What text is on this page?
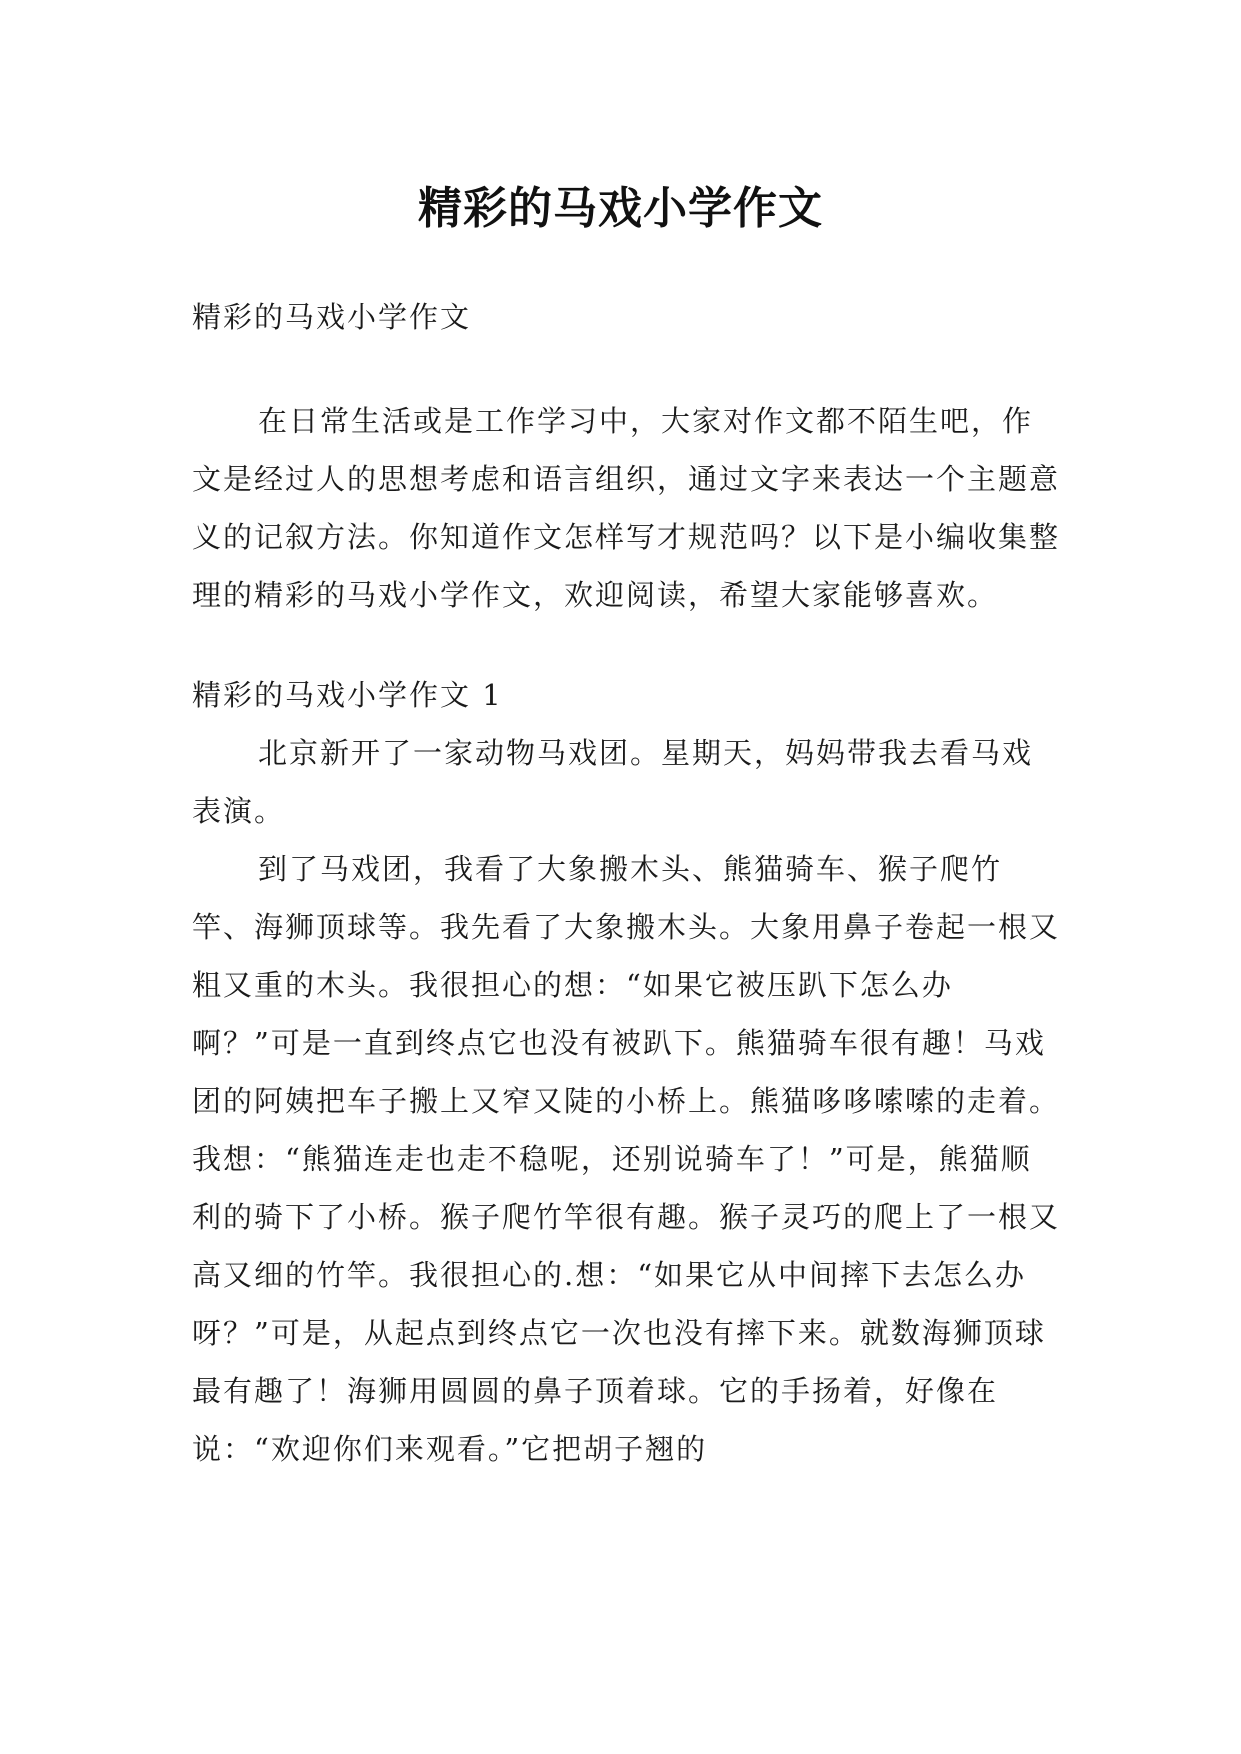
精彩的马戏小学作文

精彩的马戏小学作文

在日常生活或是工作学习中，大家对作文都不陌生吧，作文是经过人的思想考虑和语言组织，通过文字来表达一个主题意义的记叙方法。你知道作文怎样写才规范吗？以下是小编收集整理的精彩的马戏小学作文，欢迎阅读，希望大家能够喜欢。

精彩的马戏小学作文 1

北京新开了一家动物马戏团。星期天，妈妈带我去看马戏表演。

到了马戏团，我看了大象搬木头、熊猫骑车、猴子爬竹竿、海狮顶球等。我先看了大象搬木头。大象用鼻子卷起一根又粗又重的木头。我很担心的想：“如果它被压趴下怎么办啊？”可是一直到终点它也没有被趴下。熊猫骑车很有趣！马戏团的阿姨把车子搬上又窄又陡的小桥上。熊猫哆哆嗦嗦的走着。我想：“熊猫连走也走不稳呢，还别说骑车了！”可是，熊猫顺利的骑下了小桥。猴子爬竹竿很有趣。猴子灵巧的爬上了一根又高又细的竹竿。我很担心的.想：“如果它从中间摔下去怎么办呀？”可是，从起点到终点它一次也没有摔下来。就数海狮顶球最有趣了！海狮用圆圆的鼻子顶着球。它的手扬着，好像在说：“欢迎你们来观看。”它把胡子翘的
